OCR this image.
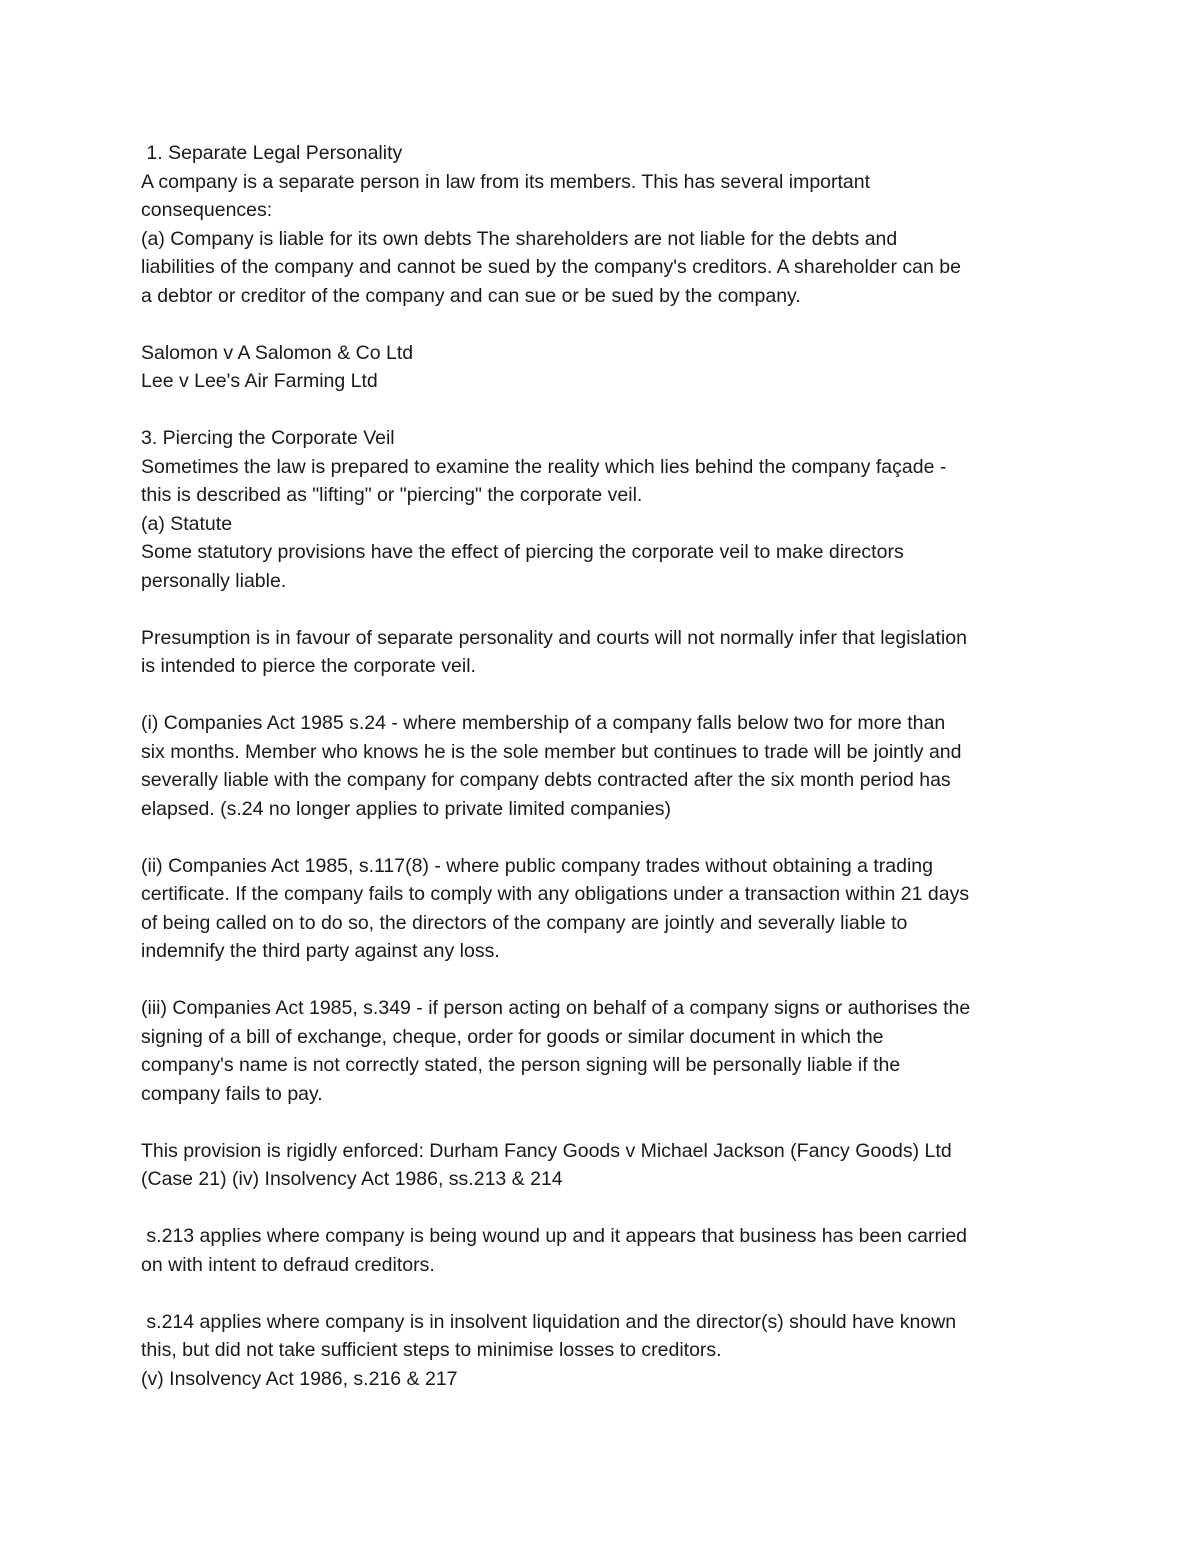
1. Separate Legal Personality
A company is a separate person in law from its members. This has several important
consequences:
(a) Company is liable for its own debts The shareholders are not liable for the debts and
liabilities of the company and cannot be sued by the company's creditors. A shareholder can be
a debtor or creditor of the company and can sue or be sued by the company.
Salomon v A Salomon & Co Ltd
Lee v Lee's Air Farming Ltd
3. Piercing the Corporate Veil
Sometimes the law is prepared to examine the reality which lies behind the company façade -
this is described as "lifting" or "piercing" the corporate veil.
(a) Statute
Some statutory provisions have the effect of piercing the corporate veil to make directors
personally liable.
Presumption is in favour of separate personality and courts will not normally infer that legislation
is intended to pierce the corporate veil.
(i) Companies Act 1985 s.24 - where membership of a company falls below two for more than
six months. Member who knows he is the sole member but continues to trade will be jointly and
severally liable with the company for company debts contracted after the six month period has
elapsed. (s.24 no longer applies to private limited companies)
(ii) Companies Act 1985, s.117(8) - where public company trades without obtaining a trading
certificate. If the company fails to comply with any obligations under a transaction within 21 days
of being called on to do so, the directors of the company are jointly and severally liable to
indemnify the third party against any loss.
(iii) Companies Act 1985, s.349 - if person acting on behalf of a company signs or authorises the
signing of a bill of exchange, cheque, order for goods or similar document in which the
company's name is not correctly stated, the person signing will be personally liable if the
company fails to pay.
This provision is rigidly enforced: Durham Fancy Goods v Michael Jackson (Fancy Goods) Ltd
(Case 21) (iv) Insolvency Act 1986, ss.213 & 214
s.213 applies where company is being wound up and it appears that business has been carried
on with intent to defraud creditors.
s.214 applies where company is in insolvent liquidation and the director(s) should have known
this, but did not take sufficient steps to minimise losses to creditors.
(v) Insolvency Act 1986, s.216 & 217
